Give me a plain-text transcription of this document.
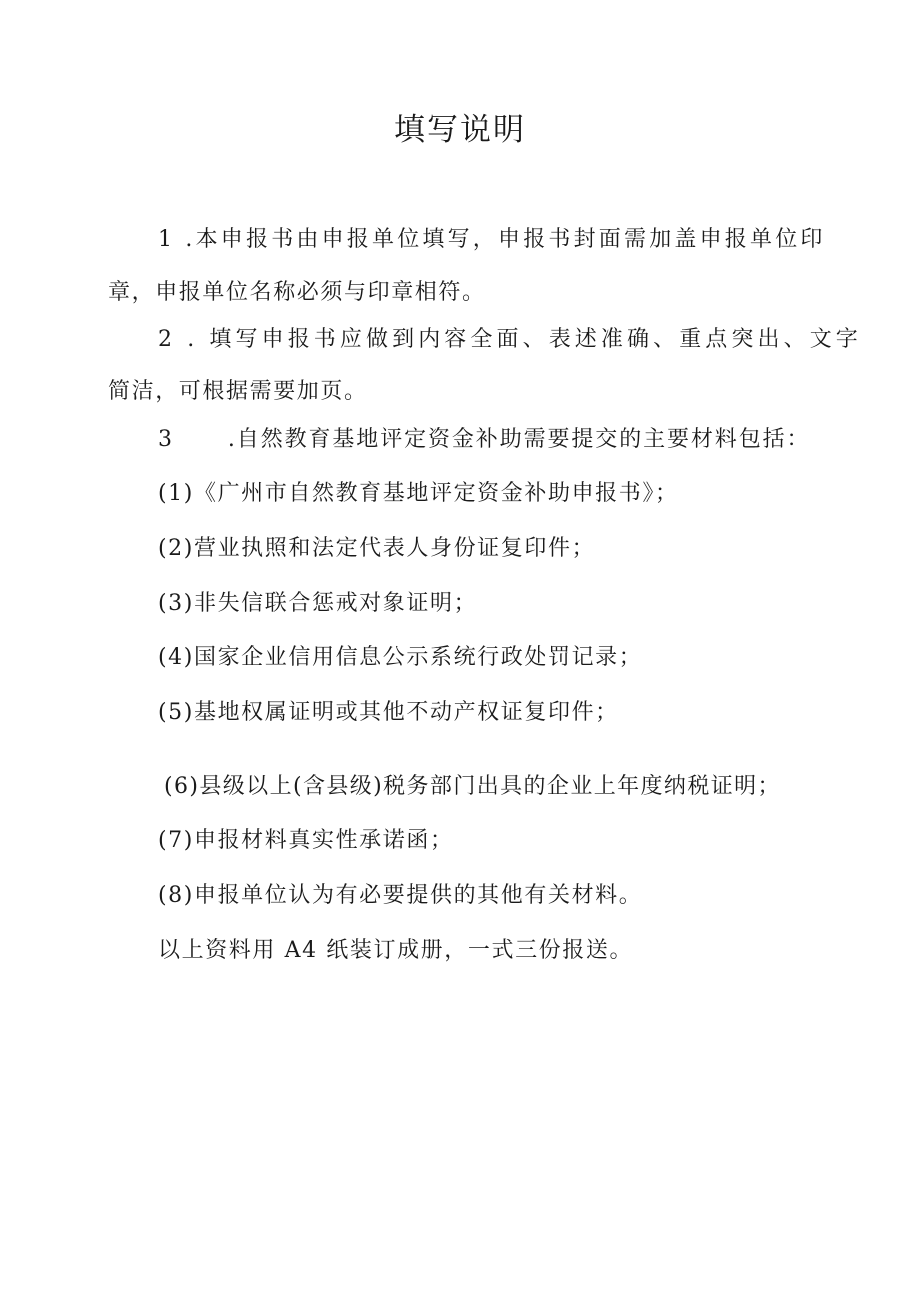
填写说明
1 .本申报书由申报单位填写，申报书封面需加盖申报单位印
章，申报单位名称必须与印章相符。
2 . 填写申报书应做到内容全面、表述准确、重点突出、文字
简洁，可根据需要加页。
3 .自然教育基地评定资金补助需要提交的主要材料包括：
(1)《广州市自然教育基地评定资金补助申报书》；
(2)营业执照和法定代表人身份证复印件；
(3)非失信联合惩戒对象证明；
(4)国家企业信用信息公示系统行政处罚记录；
(5)基地权属证明或其他不动产权证复印件；
(6)县级以上(含县级)税务部门出具的企业上年度纳税证明；
(7)申报材料真实性承诺函；
(8)申报单位认为有必要提供的其他有关材料。
以上资料用 A4 纸装订成册，一式三份报送。
